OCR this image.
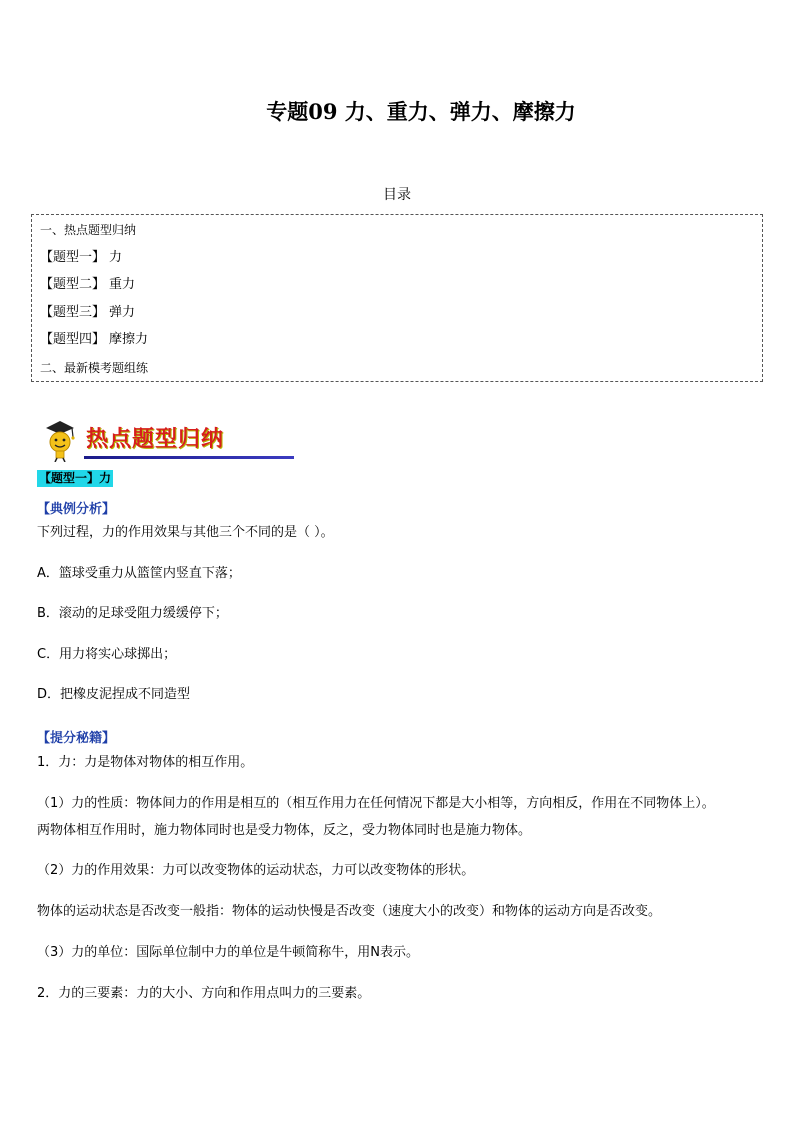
专题09 力、重力、弹力、摩擦力
目录
一、热点题型归纳
【题型一】 力
【题型二】 重力
【题型三】 弹力
【题型四】 摩擦力
二、最新模考题组练
热点题型归纳
【题型一】力
【典例分析】
下列过程，力的作用效果与其他三个不同的是（ ）。
A．篮球受重力从篮筐内竖直下落；
B．滚动的足球受阻力缓缓停下；
C．用力将实心球掷出；
D．把橡皮泥捏成不同造型
【提分秘籍】
1．力：力是物体对物体的相互作用。
（1）力的性质：物体间力的作用是相互的（相互作用力在任何情况下都是大小相等，方向相反，作用在不同物体上）。
两物体相互作用时，施力物体同时也是受力物体，反之，受力物体同时也是施力物体。
（2）力的作用效果：力可以改变物体的运动状态，力可以改变物体的形状。
物体的运动状态是否改变一般指：物体的运动快慢是否改变（速度大小的改变）和物体的运动方向是否改变。
（3）力的单位：国际单位制中力的单位是牛顿简称牛，用N表示。
2．力的三要素：力的大小、方向和作用点叫力的三要素。
